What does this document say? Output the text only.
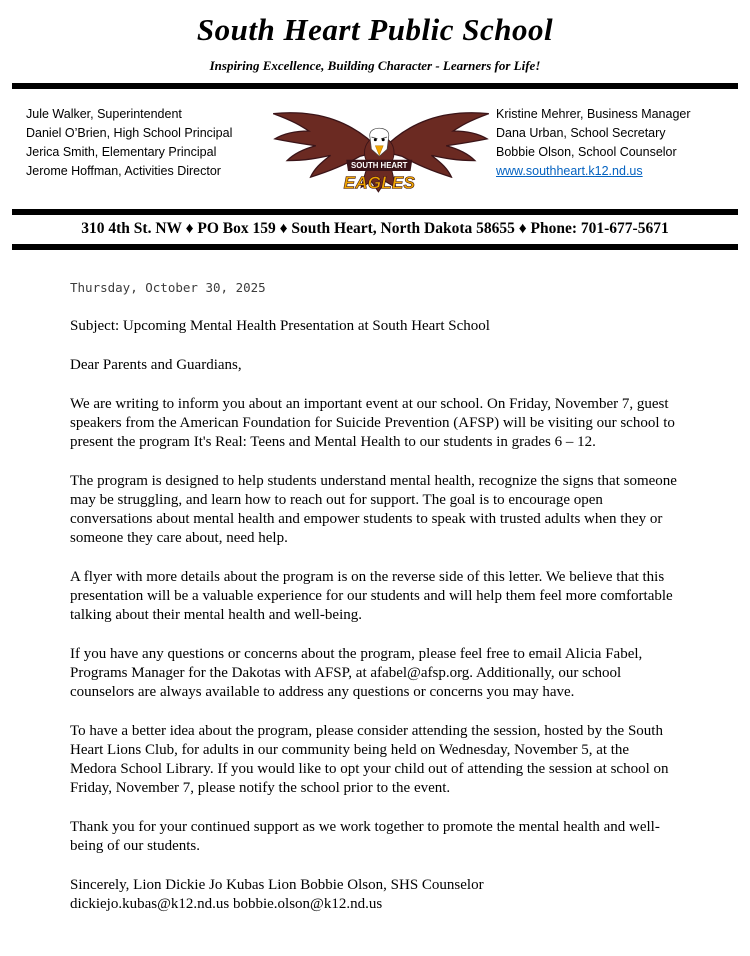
South Heart Public School
Inspiring Excellence, Building Character - Learners for Life!
Jule Walker, Superintendent
Daniel O’Brien, High School Principal
Jerica Smith, Elementary Principal
Jerome Hoffman, Activities Director	SOUTH HEART
EAGLES
Kristine Mehrer, Business Manager
Dana Urban, School Secretary
Bobbie Olson, School Counselor
www.southheart.k12.nd.us
310 4th St. NW ♦ PO Box 159 ♦ South Heart, North Dakota 58655 ♦ Phone: 701-677-5671

Thursday, October 30, 2025

Subject: Upcoming Mental Health Presentation at South Heart School

Dear Parents and Guardians,

We are writing to inform you about an important event at our school. On Friday, November 7, guest speakers from the American Foundation for Suicide Prevention (AFSP) will be visiting our school to present the program It's Real: Teens and Mental Health to our students in grades 6 – 12.

The program is designed to help students understand mental health, recognize the signs that someone may be struggling, and learn how to reach out for support. The goal is to encourage open conversations about mental health and empower students to speak with trusted adults when they or someone they care about, need help.

A flyer with more details about the program is on the reverse side of this letter. We believe that this presentation will be a valuable experience for our students and will help them feel more comfortable talking about their mental health and well-being.

If you have any questions or concerns about the program, please feel free to email Alicia Fabel, Programs Manager for the Dakotas with AFSP, at afabel@afsp.org. Additionally, our school counselors are always available to address any questions or concerns you may have.

To have a better idea about the program, please consider attending the session, hosted by the South Heart Lions Club, for adults in our community being held on Wednesday, November 5, at the Medora School Library. If you would like to opt your child out of attending the session at school on Friday, November 7, please notify the school prior to the event.

Thank you for your continued support as we work together to promote the mental health and well-being of our students.

Sincerely, Lion Dickie Jo Kubas Lion Bobbie Olson, SHS Counselor

dickiejo.kubas@k12.nd.us bobbie.olson@k12.nd.us
